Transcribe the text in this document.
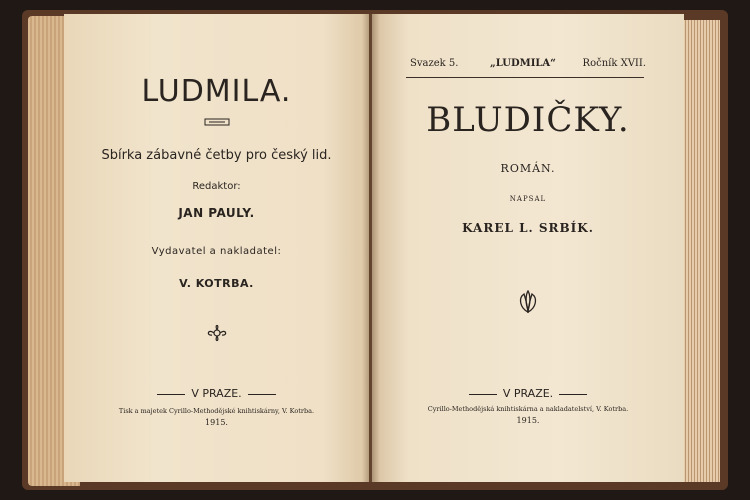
LUDMILA.
Sbírka zábavné četby pro český lid.
Redaktor:
JAN PAULY.
Vydavatel a nakladatel:
V. KOTRBA.
V PRAZE.
Tisk a majetek Cyrillo-Methodějské knihtiskárny, V. Kotrba.
1915.
Svazek 5.	„LUDMILA“	Ročník XVII.
BLUDIČKY.
ROMÁN.
NAPSAL
KAREL L. SRBÍK.
V PRAZE.
Cyrillo-Methodějská knihtiskárna a nakladatelství, V. Kotrba.
1915.
